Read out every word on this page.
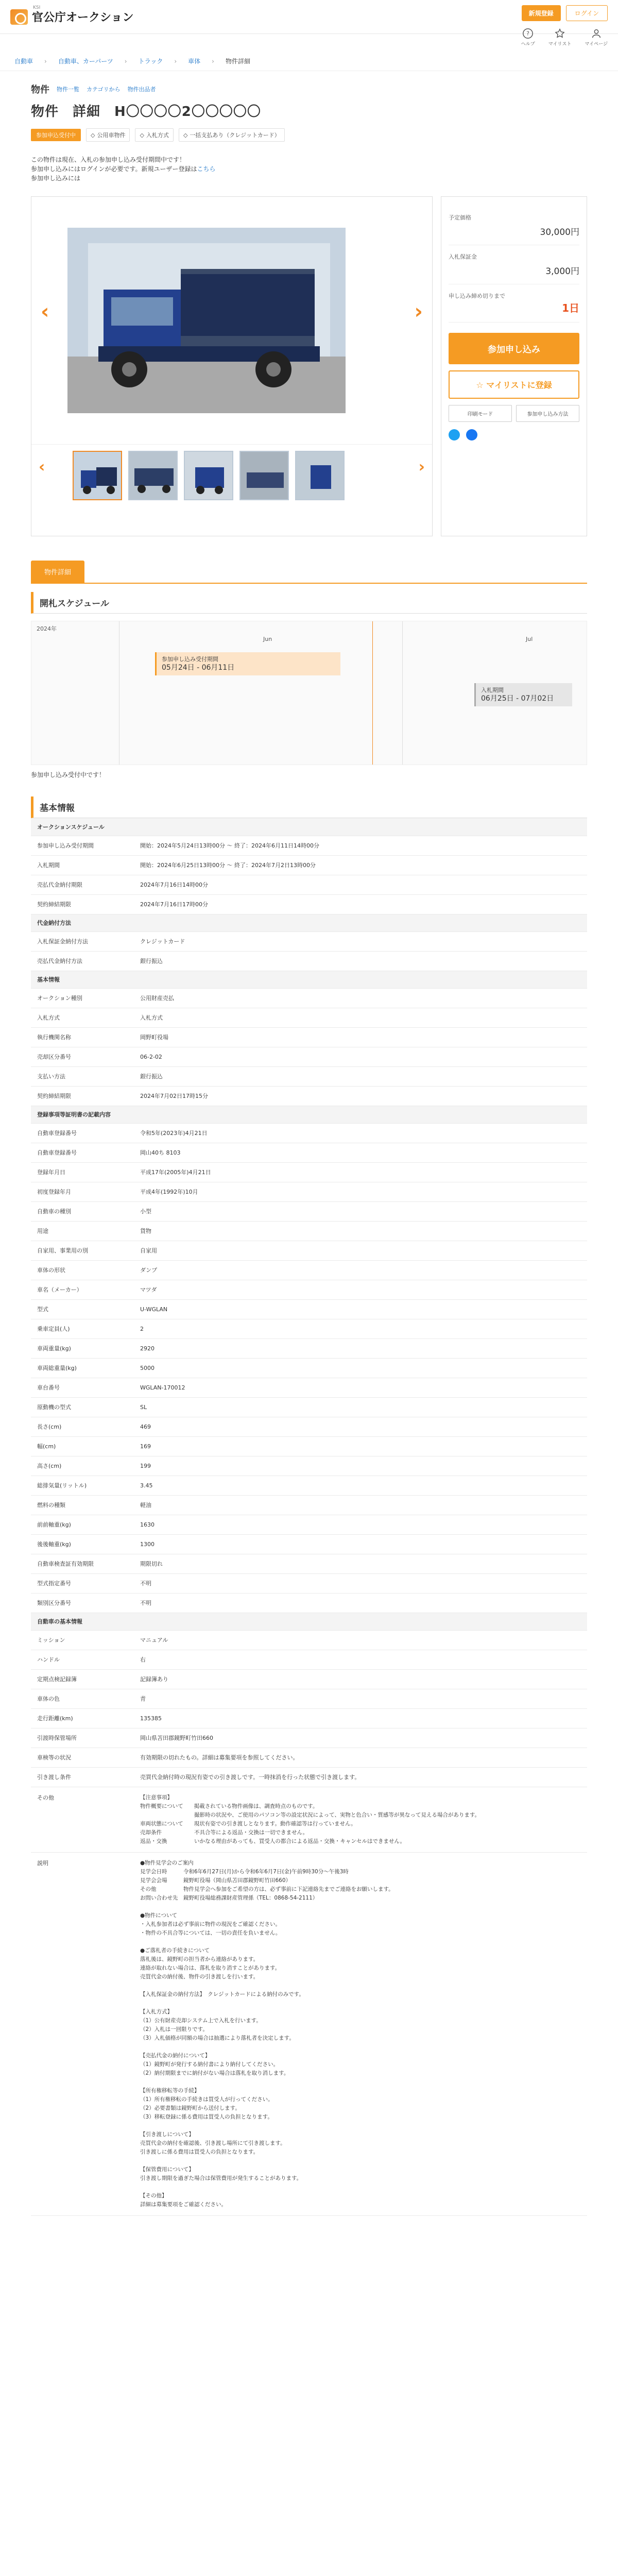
官公庁オークション
KSI
新規登録	ログイン
?
ヘルプ	マイリスト	マイページ
自動車 › 自動車、カーパーツ › トラック › 車体 › 物件詳細
物件 物件一覧 カテゴリから 物件出品者
物件　詳細　H〇〇〇〇2〇〇〇〇〇
参加申込受付中	◇ 公用車物件	◇ 入札方式	◇ 一括支払あり（クレジットカード）
この物件は現在、入札の参加申し込み受付期間中です！
参加申し込みにはログインが必要です。新規ユーザー登録はこちら
参加申し込みには
‹	›
‹	›
予定価格
30,000円
入札保証金
3,000円
申し込み締め切りまで
1日
参加申し込み
☆ マイリストに登録
印刷モード	参加申し込み方法
物件詳細
開札スケジュール
2024年
Jun	Jul
参加申し込み受付期間
05月24日 - 06月11日
入札期間
06月25日 - 07月02日
参加申し込み受付中です！
基本情報
オークションスケジュール	
参加申し込み受付期間	開始：2024年5月24日13時00分 〜 終了：2024年6月11日14時00分
入札期間	開始：2024年6月25日13時00分 〜 終了：2024年7月2日13時00分
売払代金納付期限	2024年7月16日14時00分
契約締結期限	2024年7月16日17時00分
代金納付方法	
入札保証金納付方法	クレジットカード
売払代金納付方法	銀行振込
基本情報	
オークション種別	公用財産売払
入札方式	入札方式
執行機関名称	岡野町役場
売却区分番号	06-2-02
支払い方法	銀行振込
契約締結期限	2024年7月02日17時15分
登録事項等証明書の記載内容	
自動車登録番号	令和5年(2023年)4月21日
自動車登録番号	岡山40ち 8103
登録年月日	平成17年(2005年)4月21日
初度登録年月	平成4年(1992年)10月
自動車の種別	小型
用途	貨物
自家用、事業用の別	自家用
車体の形状	ダンプ
車名（メーカー）	マツダ
型式	U-WGLAN
乗車定員(人)	2
車両重量(kg)	2920
車両総重量(kg)	5000
車台番号	WGLAN-170012
原動機の型式	SL
長さ(cm)	469
幅(cm)	169
高さ(cm)	199
総排気量(リットル)	3.45
燃料の種類	軽油
前前軸重(kg)	1630
後後軸重(kg)	1300
自動車検査証有効期限	期限切れ
型式指定番号	不明
類別区分番号	不明
自動車の基本情報	
ミッション	マニュアル
ハンドル	右
定期点検記録簿	記録簿あり
車体の色	青
走行距離(km)	135385
引渡時保管場所	岡山県苫田郡鏡野町竹田660
車検等の状況	有効期限の切れたもの。詳細は募集要項を参照してください。
引き渡し条件	売買代金納付時の現況有姿での引き渡しです。一時抹消を行った状態で引き渡します。
その他	【注意事項】
物件概要について　　掲載されている物件画像は、調査時点のものです。
　　　　　　　　　　撮影時の状況や、ご使用のパソコン等の設定状況によって、実物と色合い・質感等が異なって見える場合があります。
車両状態について　　現状有姿での引き渡しとなります。動作確認等は行っていません。
売却条件　　　　　　不具合等による返品・交換は一切できません。
返品・交換　　　　　いかなる理由があっても、買受人の都合による返品・交換・キャンセルはできません。
説明	●物件見学会のご案内
見学会日時　　　令和6年6月27日(月)から令和6年6月7日(金)午前9時30分〜午後3時
見学会会場　　　鏡野町役場（岡山県苫田郡鏡野町竹田660）
その他　　　　　物件見学会へ参加をご希望の方は、必ず事前に下記連絡先までご連絡をお願いします。
お問い合わせ先　鏡野町役場総務課財産管理係（TEL：0868-54-2111）

●物件について
・入札参加者は必ず事前に物件の現況をご確認ください。
・物件の不具合等については、一切の責任を負いません。

●ご落札者の手続きについて
落札後は、鏡野町の担当者から連絡があります。
連絡が取れない場合は、落札を取り消すことがあります。
売買代金の納付後、物件の引き渡しを行います。

【入札保証金の納付方法】　クレジットカードによる納付のみです。

【入札方式】
（1）公有財産売却システム上で入札を行います。
（2）入札は一回限りです。
（3）入札価格が同額の場合は抽選により落札者を決定します。

【売払代金の納付について】
（1）鏡野町が発行する納付書により納付してください。
（2）納付期限までに納付がない場合は落札を取り消します。

【所有権移転等の手続】
（1）所有権移転の手続きは買受人が行ってください。
（2）必要書類は鏡野町から送付します。
（3）移転登録に係る費用は買受人の負担となります。

【引き渡しについて】
売買代金の納付を確認後、引き渡し場所にて引き渡します。
引き渡しに係る費用は買受人の負担となります。

【保管費用について】
引き渡し期限を過ぎた場合は保管費用が発生することがあります。

【その他】
詳細は募集要項をご確認ください。
